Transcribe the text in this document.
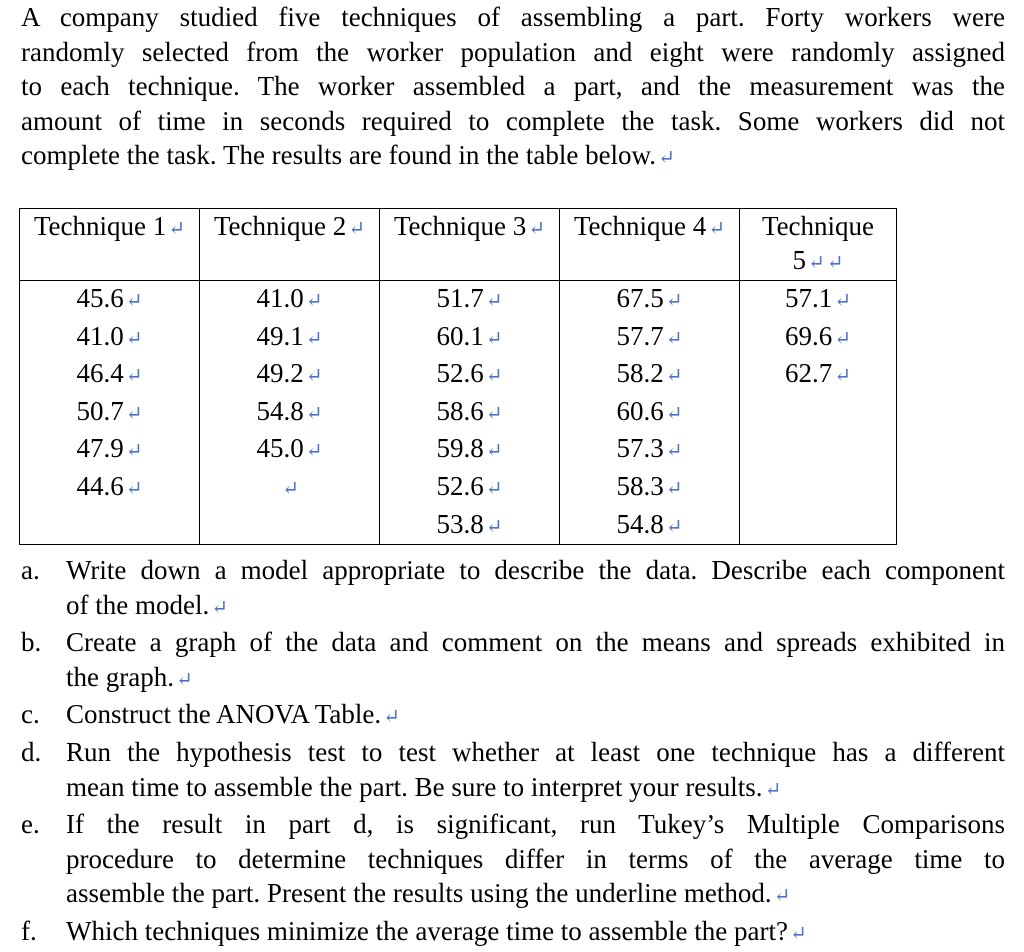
A company studied five techniques of assembling a part. Forty workers were
randomly selected from the worker population and eight were randomly assigned
to each technique. The worker assembled a part, and the measurement was the
amount of time in seconds required to complete the task. Some workers did not
complete the task. The results are found in the table below. ↵
Technique 1 ↵	Technique 2 ↵	Technique 3 ↵	Technique 4 ↵	Technique 5 ↵ ↵
45.6 ↵	41.0 ↵	51.7 ↵	67.5 ↵	57.1 ↵
41.0 ↵	49.1 ↵	60.1 ↵	57.7 ↵	69.6 ↵
46.4 ↵	49.2 ↵	52.6 ↵	58.2 ↵	62.7 ↵
50.7 ↵	54.8 ↵	58.6 ↵	60.6 ↵	
47.9 ↵	45.0 ↵	59.8 ↵	57.3 ↵	
44.6 ↵	↵	52.6 ↵	58.3 ↵	
		53.8 ↵	54.8 ↵	
a. Write down a model appropriate to describe the data. Describe each component
of the model. ↵
b. Create a graph of the data and comment on the means and spreads exhibited in
the graph. ↵
c. Construct the ANOVA Table. ↵
d. Run the hypothesis test to test whether at least one technique has a different
mean time to assemble the part. Be sure to interpret your results. ↵
e. If the result in part d, is significant, run Tukey’s Multiple Comparisons
procedure to determine techniques differ in terms of the average time to
assemble the part. Present the results using the underline method. ↵
f.	Which techniques minimize the average time to assemble the part? ↵
